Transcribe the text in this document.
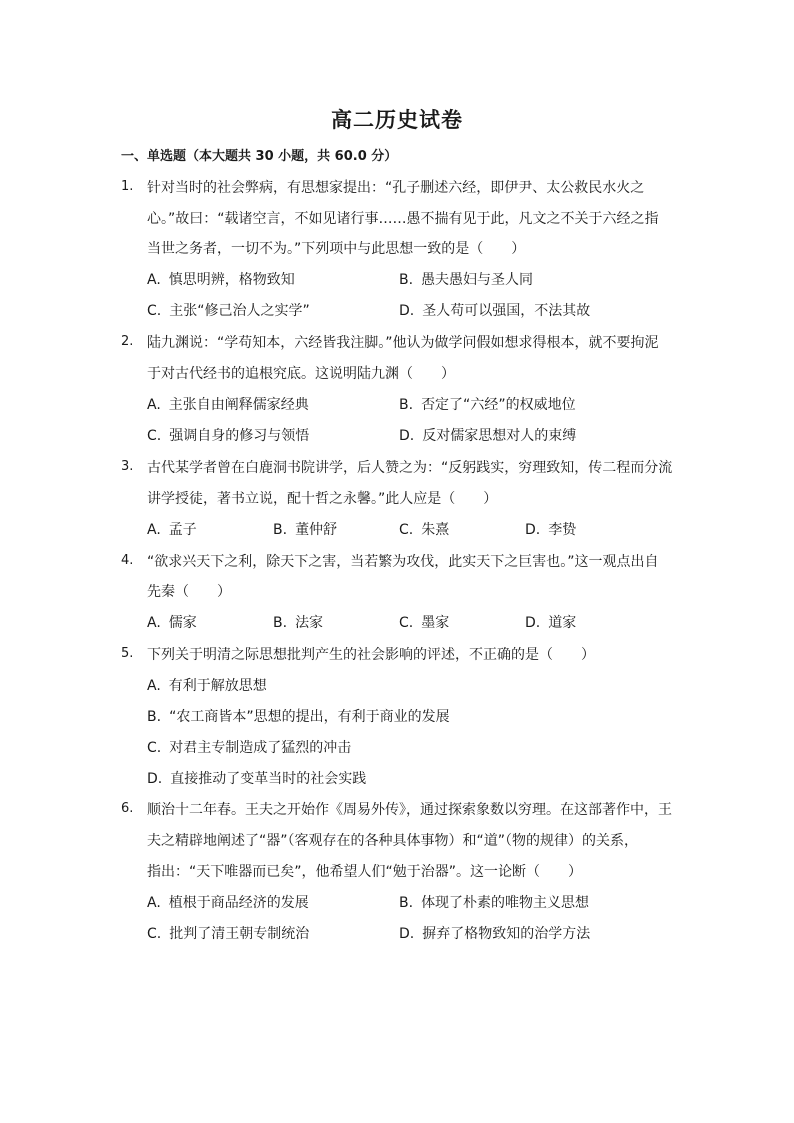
高二历史试卷
一、单选题（本大题共 30 小题，共 60.0 分）
1. 针对当时的社会弊病，有思想家提出：“孔子删述六经，即伊尹、太公救民水火之
心。”故曰：“载诸空言，不如见诸行事……愚不揣有见于此，凡文之不关于六经之指
当世之务者，一切不为。”下列项中与此思想一致的是（　　）
A. 慎思明辨，格物致知	B. 愚夫愚妇与圣人同
C. 主张“修己治人之实学”	D. 圣人苟可以强国，不法其故
2. 陆九渊说：“学苟知本，六经皆我注脚。”他认为做学问假如想求得根本，就不要拘泥
于对古代经书的追根究底。这说明陆九渊（　　）
A. 主张自由阐释儒家经典	B. 否定了“六经”的权威地位
C. 强调自身的修习与领悟	D. 反对儒家思想对人的束缚
3. 古代某学者曾在白鹿洞书院讲学，后人赞之为：“反躬践实，穷理致知，传二程而分流
讲学授徒，著书立说，配十哲之永馨。”此人应是（　　）
A. 孟子	B. 董仲舒	C. 朱熹	D. 李贽
4. “欲求兴天下之利，除天下之害，当若繁为攻伐，此实天下之巨害也。”这一观点出自
先秦（　　）
A. 儒家	B. 法家	C. 墨家	D. 道家
5. 下列关于明清之际思想批判产生的社会影响的评述，不正确的是（　　）
A. 有利于解放思想
B. “农工商皆本”思想的提出，有利于商业的发展
C. 对君主专制造成了猛烈的冲击
D. 直接推动了变革当时的社会实践
6. 顺治十二年春。王夫之开始作《周易外传》，通过探索象数以穷理。在这部著作中，王
夫之精辟地阐述了“器”（客观存在的各种具体事物）和“道”（物的规律）的关系，
指出：“天下唯器而已矣”，他希望人们“勉于治器”。这一论断（　　）
A. 植根于商品经济的发展	B. 体现了朴素的唯物主义思想
C. 批判了清王朝专制统治	D. 摒弃了格物致知的治学方法
